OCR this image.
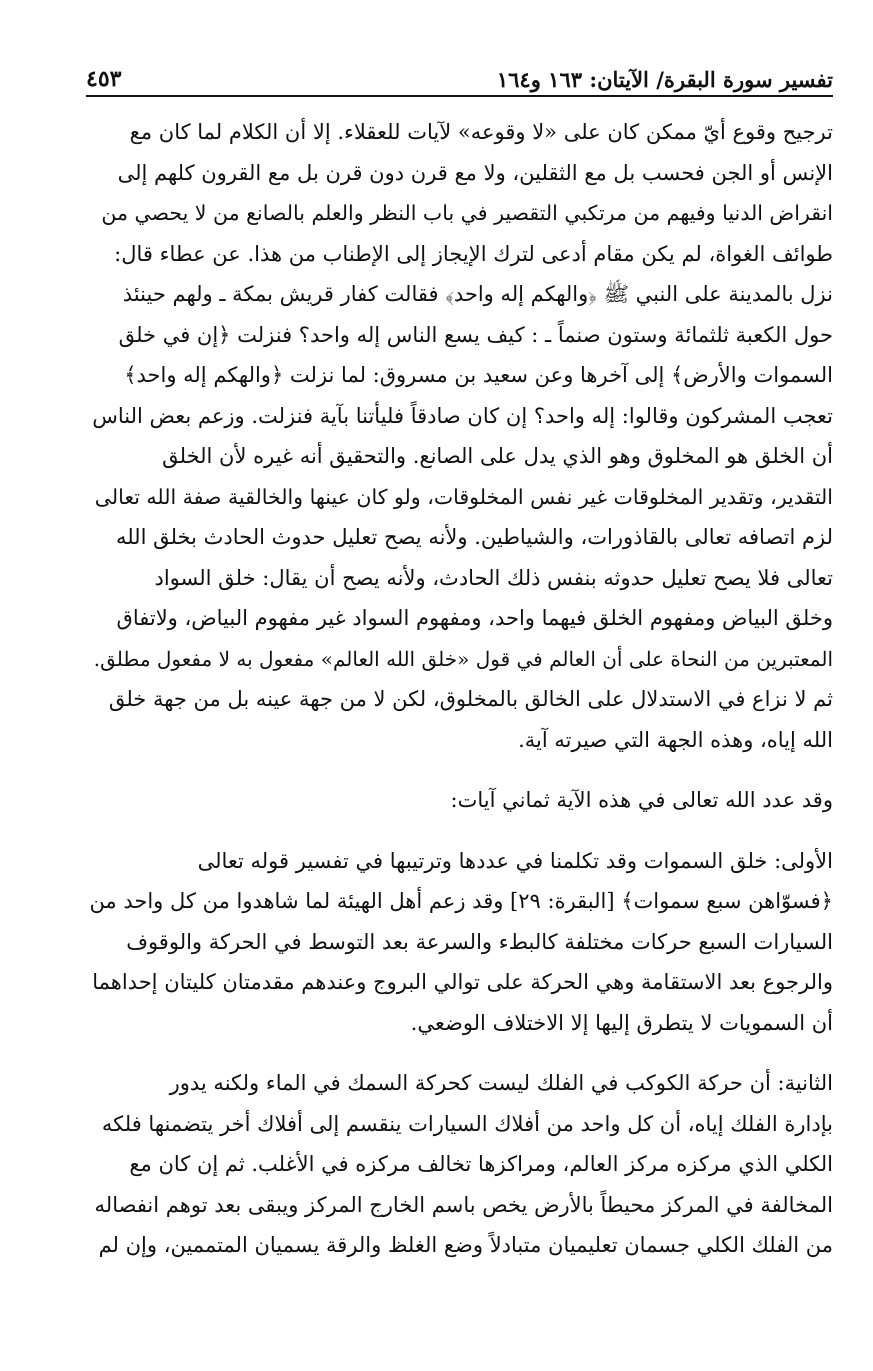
تفسير سورة البقرة/ الآيتان: ١٦٣ و١٦٤
٤٥٣
ترجيح وقوع أيّ ممكن كان على «لا وقوعه» لآيات للعقلاء. إلا أن الكلام لما كان مع
الإنس أو الجن فحسب بل مع الثقلين، ولا مع قرن دون قرن بل مع القرون كلهم إلى
انقراض الدنيا وفيهم من مرتكبي التقصير في باب النظر والعلم بالصانع من لا يحصي من
طوائف الغواة، لم يكن مقام أدعى لترك الإيجاز إلى الإطناب من هذا. عن عطاء قال:
نزل بالمدينة على النبي ﷺ ﴿والهكم إله واحد﴾ فقالت كفار قريش بمكة ـ ولهم حينئذ
حول الكعبة ثلثمائة وستون صنماً ـ : كيف يسع الناس إله واحد؟ فنزلت ﴿إن في خلق
السموات والأرض﴾ إلى آخرها وعن سعيد بن مسروق: لما نزلت ﴿والهكم إله واحد﴾
تعجب المشركون وقالوا: إله واحد؟ إن كان صادقاً فليأتنا بآية فنزلت. وزعم بعض الناس
أن الخلق هو المخلوق وهو الذي يدل على الصانع. والتحقيق أنه غيره لأن الخلق
التقدير، وتقدير المخلوقات غير نفس المخلوقات، ولو كان عينها والخالقية صفة الله تعالى
لزم اتصافه تعالى بالقاذورات، والشياطين. ولأنه يصح تعليل حدوث الحادث بخلق الله
تعالى فلا يصح تعليل حدوثه بنفس ذلك الحادث، ولأنه يصح أن يقال: خلق السواد
وخلق البياض ومفهوم الخلق فيهما واحد، ومفهوم السواد غير مفهوم البياض، ولاتفاق
المعتبرين من النحاة على أن العالم في قول «خلق الله العالم» مفعول به لا مفعول مطلق.
ثم لا نزاع في الاستدلال على الخالق بالمخلوق، لكن لا من جهة عينه بل من جهة خلق
الله إياه، وهذه الجهة التي صيرته آية.
وقد عدد الله تعالى في هذه الآية ثماني آيات:
الأولى: خلق السموات وقد تكلمنا في عددها وترتيبها في تفسير قوله تعالى
﴿فسوّاهن سبع سموات﴾ [البقرة: ٢٩] وقد زعم أهل الهيئة لما شاهدوا من كل واحد من
السيارات السبع حركات مختلفة كالبطء والسرعة بعد التوسط في الحركة والوقوف
والرجوع بعد الاستقامة وهي الحركة على توالي البروج وعندهم مقدمتان كليتان إحداهما
أن السمويات لا يتطرق إليها إلا الاختلاف الوضعي.
الثانية: أن حركة الكوكب في الفلك ليست كحركة السمك في الماء ولكنه يدور
بإدارة الفلك إياه، أن كل واحد من أفلاك السيارات ينقسم إلى أفلاك أخر يتضمنها فلكه
الكلي الذي مركزه مركز العالم، ومراكزها تخالف مركزه في الأغلب. ثم إن كان مع
المخالفة في المركز محيطاً بالأرض يخص باسم الخارج المركز ويبقى بعد توهم انفصاله
من الفلك الكلي جسمان تعليميان متبادلاً وضع الغلظ والرقة يسميان المتممين، وإن لم
